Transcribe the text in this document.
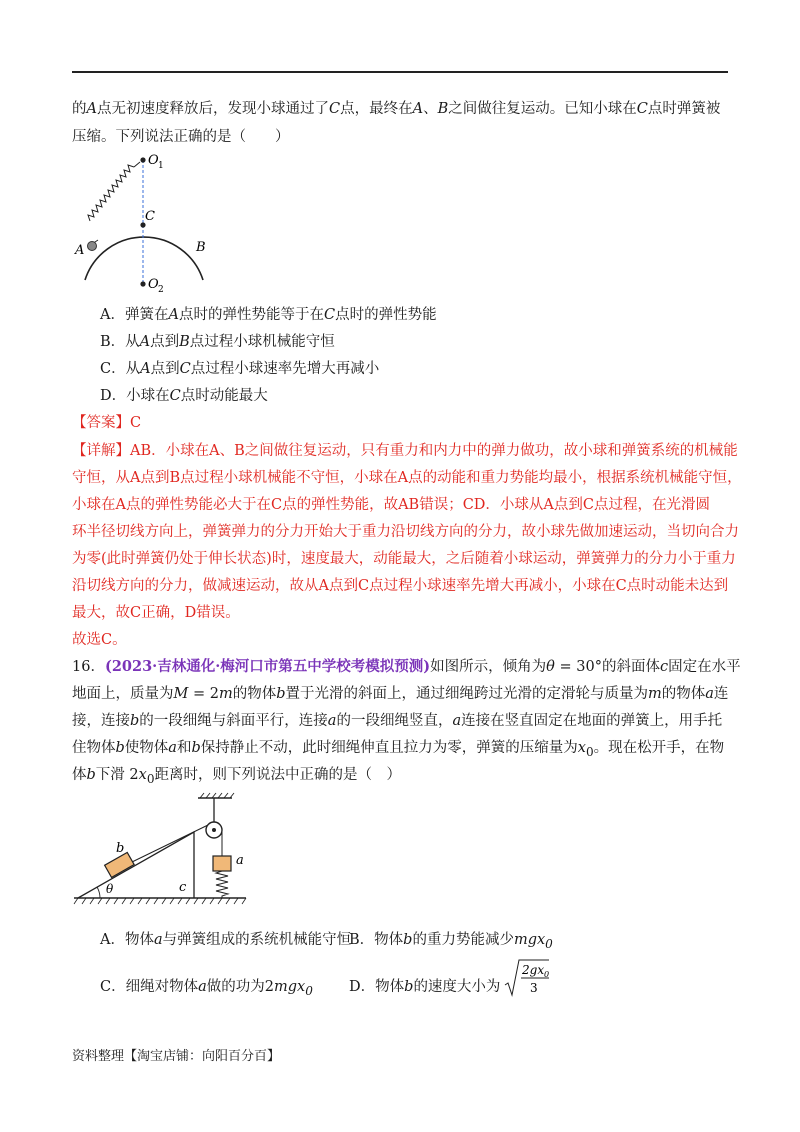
的A点无初速度释放后，发现小球通过了C点，最终在A、B之间做往复运动。已知小球在C点时弹簧被
压缩。下列说法正确的是（　　）
O 1
C
A	B
O 2
A．弹簧在A点时的弹性势能等于在C点时的弹性势能
B．从A点到B点过程小球机械能守恒
C．从A点到C点过程小球速率先增大再减小
D．小球在C点时动能最大
【答案】C
【详解】AB．小球在A、B之间做往复运动，只有重力和内力中的弹力做功，故小球和弹簧系统的机械能
守恒，从A点到B点过程小球机械能不守恒，小球在A点的动能和重力势能均最小，根据系统机械能守恒，
小球在A点的弹性势能必大于在C点的弹性势能，故AB错误；CD．小球从A点到C点过程，在光滑圆
环半径切线方向上，弹簧弹力的分力开始大于重力沿切线方向的分力，故小球先做加速运动，当切向合力
为零(此时弹簧仍处于伸长状态)时，速度最大，动能最大，之后随着小球运动，弹簧弹力的分力小于重力
沿切线方向的分力，做减速运动，故从A点到C点过程小球速率先增大再减小，小球在C点时动能未达到
最大，故C正确，D错误。
故选C。
16．(2023·吉林通化·梅河口市第五中学校考模拟预测)如图所示，倾角为θ = 30°的斜面体c固定在水平
地面上，质量为M = 2m的物体b置于光滑的斜面上，通过细绳跨过光滑的定滑轮与质量为m的物体a连
接，连接b的一段细绳与斜面平行，连接a的一段细绳竖直，a连接在竖直固定在地面的弹簧上，用手托
住物体b使物体a和b保持静止不动，此时细绳伸直且拉力为零，弹簧的压缩量为$x_0$。现在松开手，在物
体b下滑 $2x_0$距离时，则下列说法中正确的是（　）
b
a
θ	c
A．物体a与弹簧组成的系统机械能守恒
B．物体b的重力势能减少mgx$_0$
C．细绳对物体a做的功为2mgx$_0$ D．物体b的速度大小为
2gx 0
3
资料整理【淘宝店铺：向阳百分百】
